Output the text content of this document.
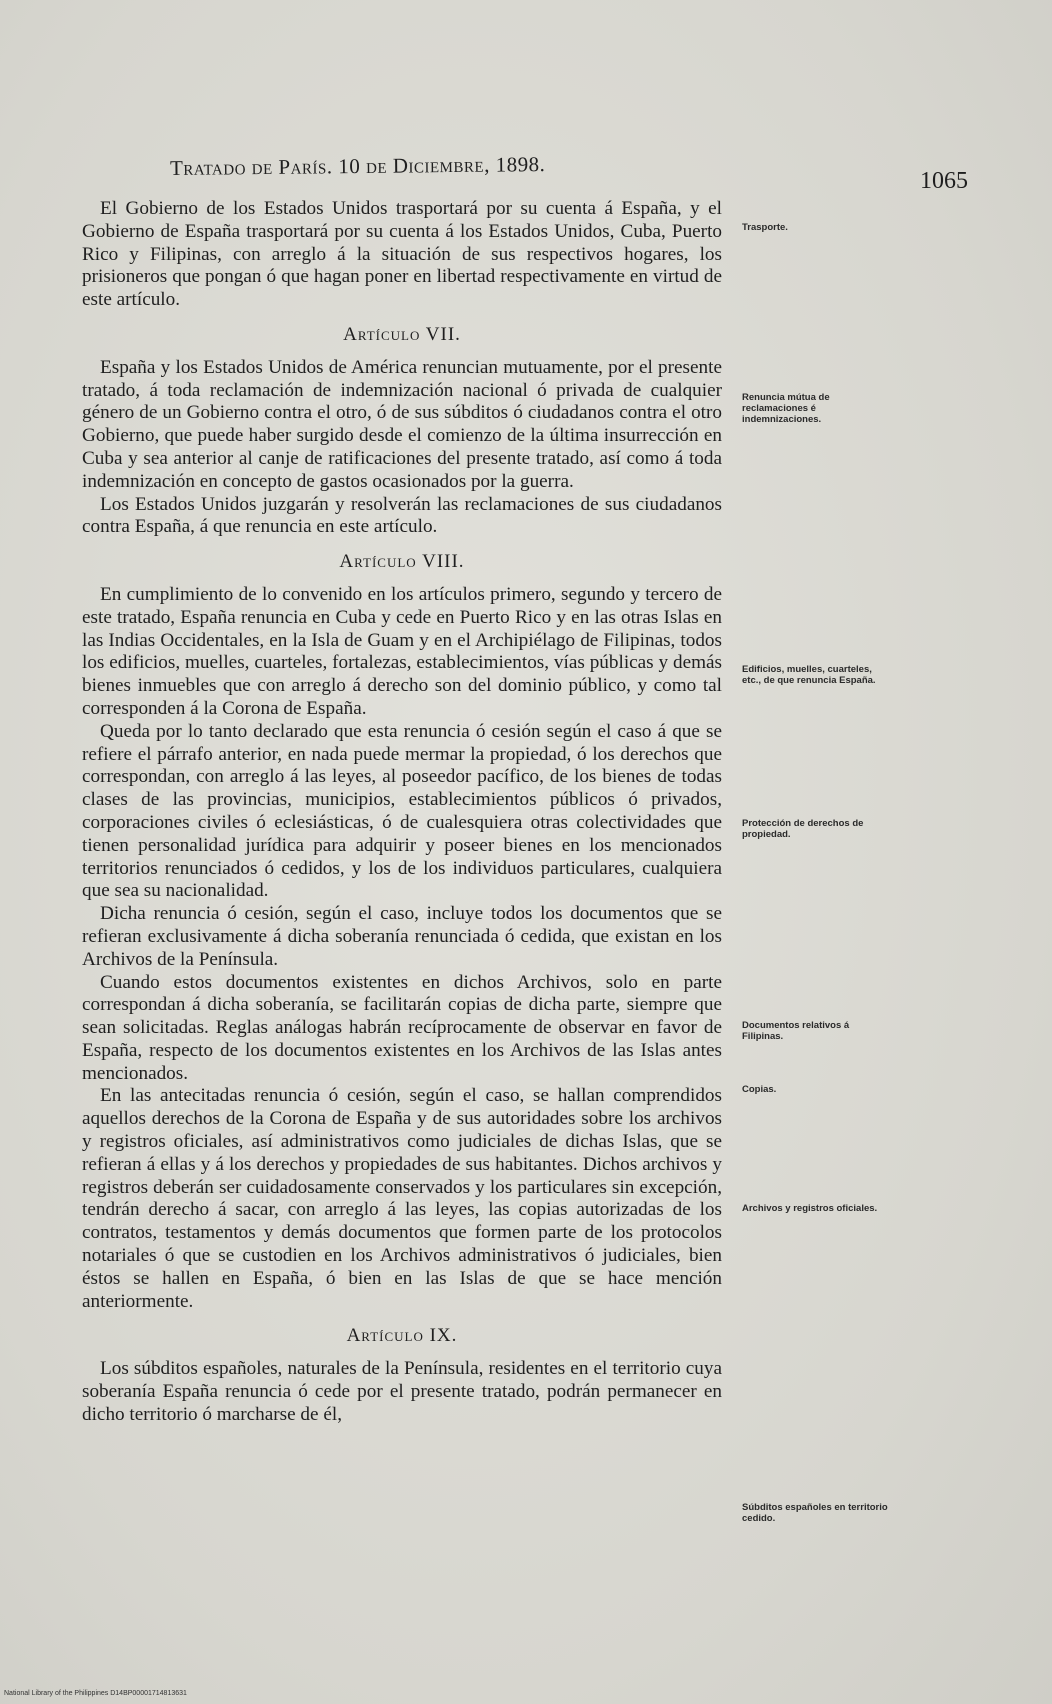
Tratado de París. 10 de Diciembre, 1898.
1065

El Gobierno de los Estados Unidos trasportará por su cuenta á España, y el Gobierno de España trasportará por su cuenta á los Estados Unidos, Cuba, Puerto Rico y Filipinas, con arreglo á la situación de sus respectivos hogares, los prisioneros que pongan ó que hagan poner en libertad respectivamente en virtud de este artículo.

Artículo VII.

España y los Estados Unidos de América renuncian mutuamente, por el presente tratado, á toda reclamación de indemnización nacional ó privada de cualquier género de un Gobierno contra el otro, ó de sus súbditos ó ciudadanos contra el otro Gobierno, que puede haber surgido desde el comienzo de la última insurrección en Cuba y sea anterior al canje de ratificaciones del presente tratado, así como á toda indemnización en concepto de gastos ocasionados por la guerra.

Los Estados Unidos juzgarán y resolverán las reclamaciones de sus ciudadanos contra España, á que renuncia en este artículo.

Artículo VIII.

En cumplimiento de lo convenido en los artículos primero, segundo y tercero de este tratado, España renuncia en Cuba y cede en Puerto Rico y en las otras Islas en las Indias Occidentales, en la Isla de Guam y en el Archipiélago de Filipinas, todos los edificios, muelles, cuarteles, fortalezas, establecimientos, vías públicas y demás bienes inmuebles que con arreglo á derecho son del dominio público, y como tal corresponden á la Corona de España.

Queda por lo tanto declarado que esta renuncia ó cesión según el caso á que se refiere el párrafo anterior, en nada puede mermar la propiedad, ó los derechos que correspondan, con arreglo á las leyes, al poseedor pacífico, de los bienes de todas clases de las provincias, municipios, establecimientos públicos ó privados, corporaciones civiles ó eclesiásticas, ó de cualesquiera otras colectividades que tienen personalidad jurídica para adquirir y poseer bienes en los mencionados territorios renunciados ó cedidos, y los de los individuos particulares, cualquiera que sea su nacionalidad.

Dicha renuncia ó cesión, según el caso, incluye todos los documentos que se refieran exclusivamente á dicha soberanía renunciada ó cedida, que existan en los Archivos de la Península.

Cuando estos documentos existentes en dichos Archivos, solo en parte correspondan á dicha soberanía, se facilitarán copias de dicha parte, siempre que sean solicitadas. Reglas análogas habrán recíprocamente de observar en favor de España, respecto de los documentos existentes en los Archivos de las Islas antes mencionados.

En las antecitadas renuncia ó cesión, según el caso, se hallan comprendidos aquellos derechos de la Corona de España y de sus autoridades sobre los archivos y registros oficiales, así administrativos como judiciales de dichas Islas, que se refieran á ellas y á los derechos y propiedades de sus habitantes. Dichos archivos y registros deberán ser cuidadosamente conservados y los particulares sin excepción, tendrán derecho á sacar, con arreglo á las leyes, las copias autorizadas de los contratos, testamentos y demás documentos que formen parte de los protocolos notariales ó que se custodien en los Archivos administrativos ó judiciales, bien éstos se hallen en España, ó bien en las Islas de que se hace mención anteriormente.

Artículo IX.

Los súbditos españoles, naturales de la Península, residentes en el territorio cuya soberanía España renuncia ó cede por el presente tratado, podrán permanecer en dicho territorio ó marcharse de él,

Trasporte.
Renuncia mútua de reclamaciones é indemnizaciones.
Edificios, muelles, cuarteles, etc., de que renuncia España.
Protección de derechos de propiedad.
Documentos relativos á Filipinas.
Copias.
Archivos y registros oficiales.
Súbditos españoles en territorio cedido.
National Library of the Philippines D14BP00001714813631
